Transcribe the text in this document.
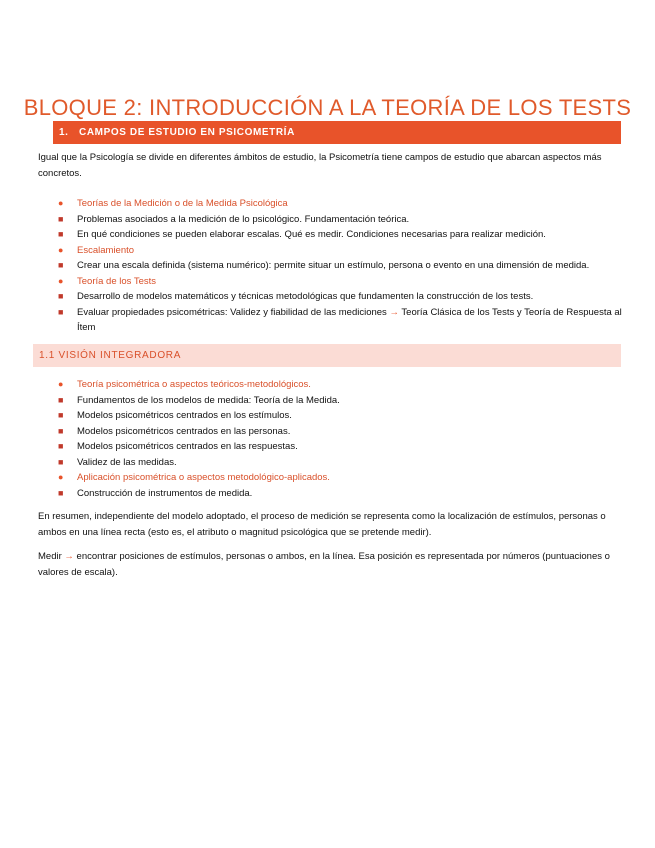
BLOQUE 2: INTRODUCCIÓN A LA TEORÍA DE LOS TESTS
1. CAMPOS DE ESTUDIO EN PSICOMETRÍA

Igual que la Psicología se divide en diferentes ámbitos de estudio, la Psicometría tiene campos de estudio que abarcan aspectos más concretos.

● Teorías de la Medición o de la Medida Psicológica
■ Problemas asociados a la medición de lo psicológico. Fundamentación teórica.
■ En qué condiciones se pueden elaborar escalas. Qué es medir. Condiciones necesarias para realizar medición.
● Escalamiento
■ Crear una escala definida (sistema numérico): permite situar un estímulo, persona o evento en una dimensión de medida.
● Teoría de los Tests
■ Desarrollo de modelos matemáticos y técnicas metodológicas que fundamenten la construcción de los tests.
■ Evaluar propiedades psicométricas: Validez y fiabilidad de las mediciones → Teoría Clásica de los Tests y Teoría de Respuesta al Ítem
1.1 VISIÓN INTEGRADORA
● Teoría psicométrica o aspectos teóricos-metodológicos.
■ Fundamentos de los modelos de medida: Teoría de la Medida.
■ Modelos psicométricos centrados en los estímulos.
■ Modelos psicométricos centrados en las personas.
■ Modelos psicométricos centrados en las respuestas.
■ Validez de las medidas.
● Aplicación psicométrica o aspectos metodológico-aplicados.
■ Construcción de instrumentos de medida.

En resumen, independiente del modelo adoptado, el proceso de medición se representa como la localización de estímulos, personas o ambos en una línea recta (esto es, el atributo o magnitud psicológica que se pretende medir).

Medir → encontrar posiciones de estímulos, personas o ambos, en la línea. Esa posición es representada por números (puntuaciones o valores de escala).
